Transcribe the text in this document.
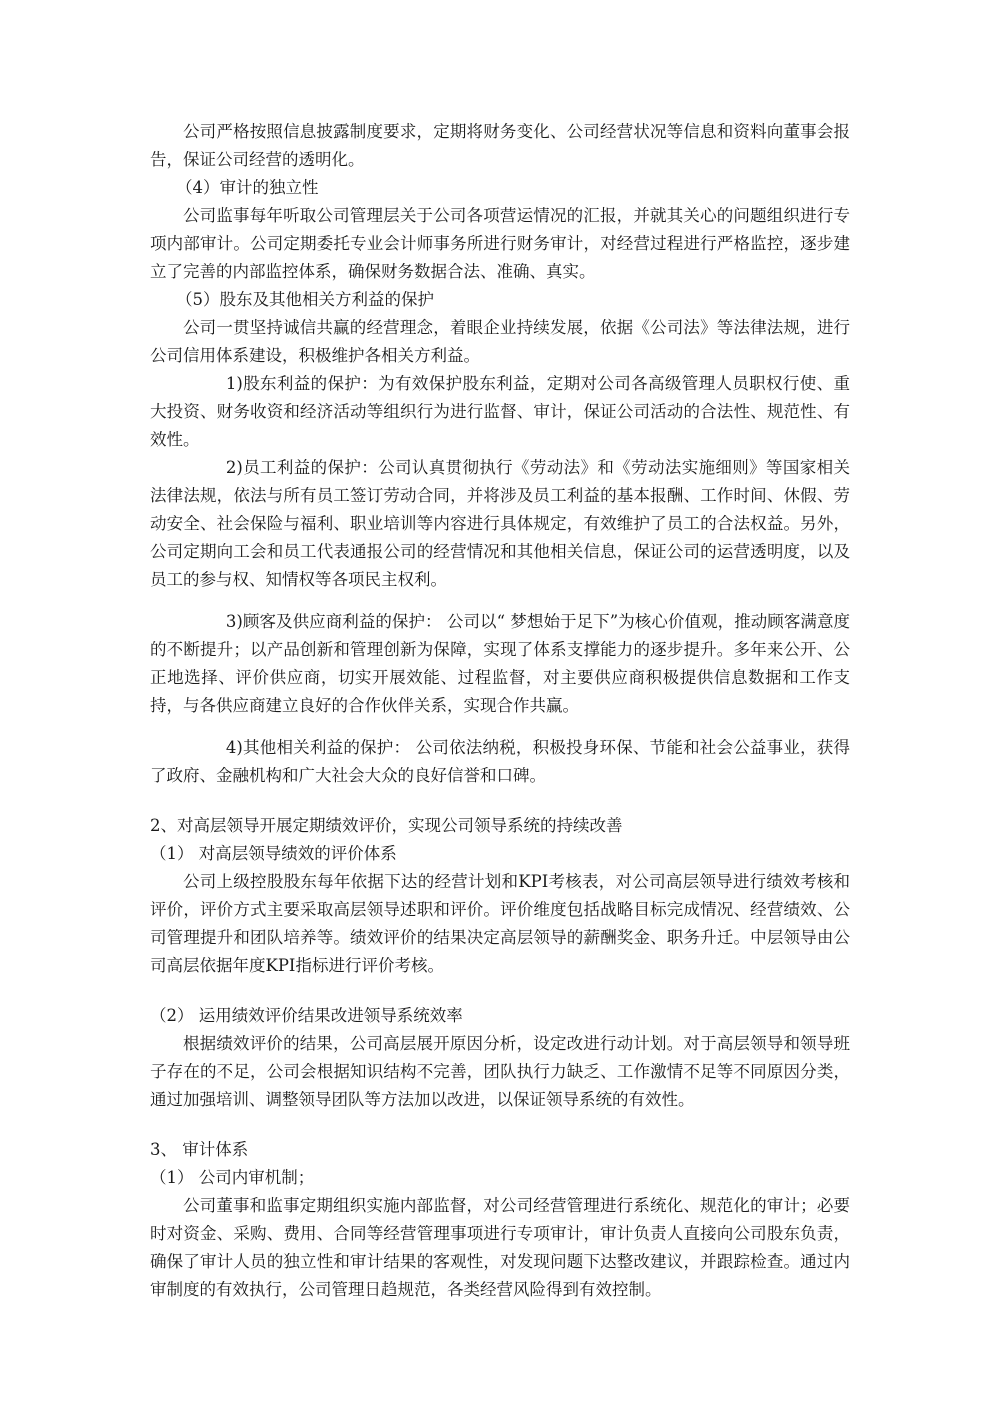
公司严格按照信息披露制度要求，定期将财务变化、公司经营状况等信息和资料向董事会报告，保证公司经营的透明化。

（4）审计的独立性

公司监事每年听取公司管理层关于公司各项营运情况的汇报，并就其关心的问题组织进行专项内部审计。公司定期委托专业会计师事务所进行财务审计，对经营过程进行严格监控，逐步建立了完善的内部监控体系，确保财务数据合法、准确、真实。

（5）股东及其他相关方利益的保护

公司一贯坚持诚信共赢的经营理念，着眼企业持续发展，依据《公司法》等法律法规，进行公司信用体系建设，积极维护各相关方利益。

1)股东利益的保护：为有效保护股东利益，定期对公司各高级管理人员职权行使、重大投资、财务收资和经济活动等组织行为进行监督、审计，保证公司活动的合法性、规范性、有效性。

2)员工利益的保护：公司认真贯彻执行《劳动法》和《劳动法实施细则》等国家相关法律法规，依法与所有员工签订劳动合同，并将涉及员工利益的基本报酬、工作时间、休假、劳动安全、社会保险与福利、职业培训等内容进行具体规定，有效维护了员工的合法权益。另外，公司定期向工会和员工代表通报公司的经营情况和其他相关信息，保证公司的运营透明度，以及员工的参与权、知情权等各项民主权利。

3)顾客及供应商利益的保护： 公司以“ 梦想始于足下”为核心价值观，推动顾客满意度的不断提升；以产品创新和管理创新为保障，实现了体系支撑能力的逐步提升。多年来公开、公正地选择、评价供应商，切实开展效能、过程监督，对主要供应商积极提供信息数据和工作支持，与各供应商建立良好的合作伙伴关系，实现合作共赢。

4)其他相关利益的保护： 公司依法纳税，积极投身环保、节能和社会公益事业，获得了政府、金融机构和广大社会大众的良好信誉和口碑。

2、对高层领导开展定期绩效评价，实现公司领导系统的持续改善

（1） 对高层领导绩效的评价体系

公司上级控股股东每年依据下达的经营计划和KPI考核表，对公司高层领导进行绩效考核和评价，评价方式主要采取高层领导述职和评价。评价维度包括战略目标完成情况、经营绩效、公司管理提升和团队培养等。绩效评价的结果决定高层领导的薪酬奖金、职务升迁。中层领导由公司高层依据年度KPI指标进行评价考核。

（2） 运用绩效评价结果改进领导系统效率

根据绩效评价的结果，公司高层展开原因分析，设定改进行动计划。对于高层领导和领导班子存在的不足，公司会根据知识结构不完善，团队执行力缺乏、工作激情不足等不同原因分类，通过加强培训、调整领导团队等方法加以改进，以保证领导系统的有效性。

3、 审计体系

（1） 公司内审机制；

公司董事和监事定期组织实施内部监督，对公司经营管理进行系统化、规范化的审计；必要时对资金、采购、费用、合同等经营管理事项进行专项审计，审计负责人直接向公司股东负责，确保了审计人员的独立性和审计结果的客观性，对发现问题下达整改建议，并跟踪检查。通过内审制度的有效执行，公司管理日趋规范，各类经营风险得到有效控制。
